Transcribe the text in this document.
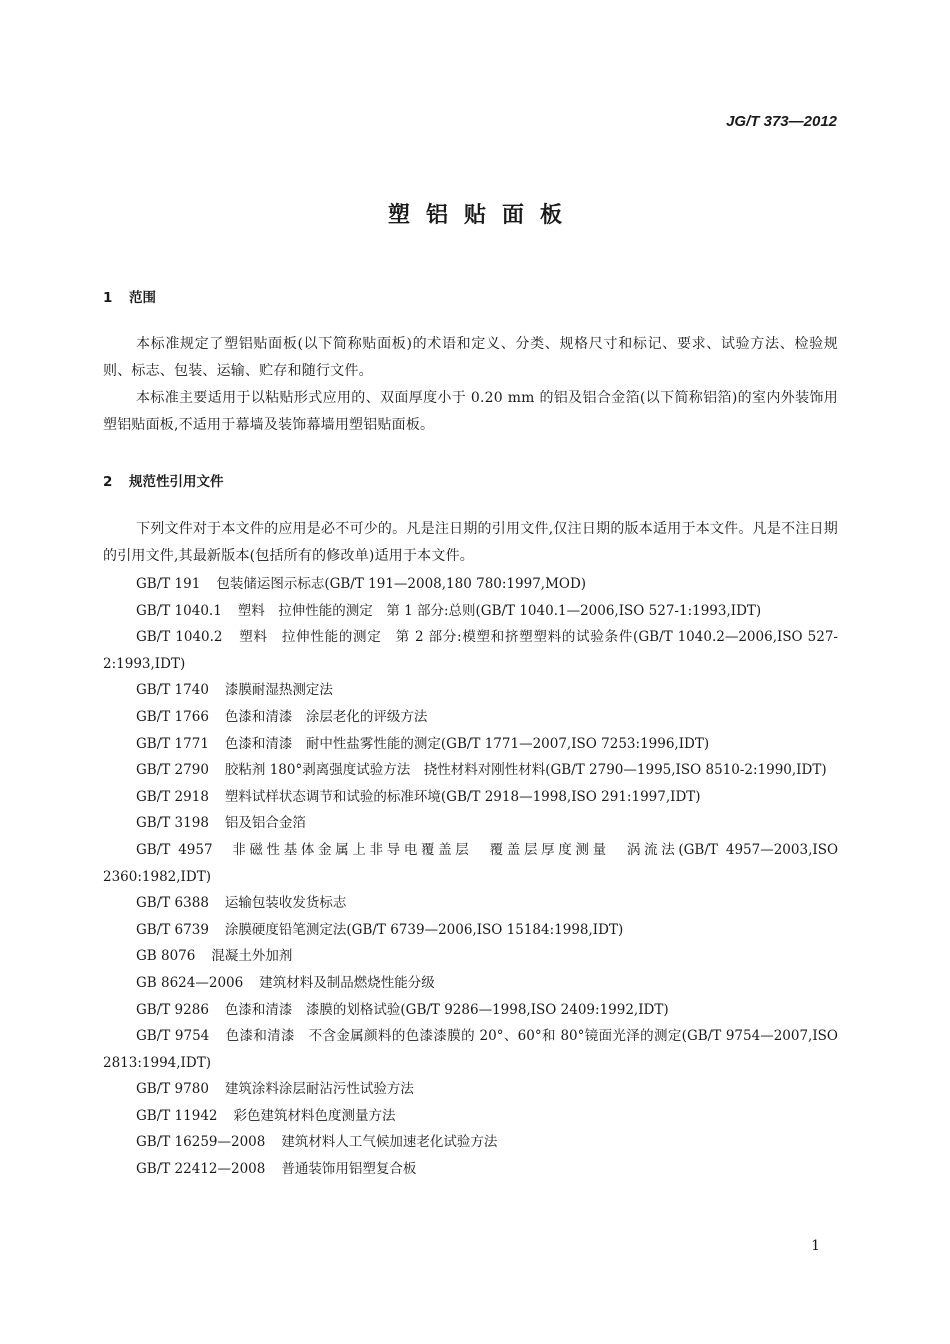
JG/T 373—2012
塑铝贴面板
1 范围
本标准规定了塑铝贴面板(以下简称贴面板)的术语和定义、分类、规格尺寸和标记、要求、试验方法、检验规则、标志、包装、运输、贮存和随行文件。
本标准主要适用于以粘贴形式应用的、双面厚度小于 0.20 mm 的铝及铝合金箔(以下简称铝箔)的室内外装饰用塑铝贴面板,不适用于幕墙及装饰幕墙用塑铝贴面板。
2 规范性引用文件
下列文件对于本文件的应用是必不可少的。凡是注日期的引用文件,仅注日期的版本适用于本文件。凡是不注日期的引用文件,其最新版本(包括所有的修改单)适用于本文件。
GB/T 191 包装储运图示标志(GB/T 191—2008,180 780:1997,MOD)
GB/T 1040.1 塑料　拉伸性能的测定　第 1 部分:总则(GB/T 1040.1—2006,ISO 527-1:1993,IDT)
GB/T 1040.2 塑料　拉伸性能的测定　第 2 部分:模塑和挤塑塑料的试验条件(GB/T 1040.2—2006,ISO 527-2:1993,IDT)
GB/T 1740 漆膜耐湿热测定法
GB/T 1766 色漆和清漆　涂层老化的评级方法
GB/T 1771 色漆和清漆　耐中性盐雾性能的测定(GB/T 1771—2007,ISO 7253:1996,IDT)
GB/T 2790 胶粘剂 180°剥离强度试验方法　挠性材料对刚性材料(GB/T 2790—1995,ISO 8510-2:1990,IDT)
GB/T 2918 塑料试样状态调节和试验的标准环境(GB/T 2918—1998,ISO 291:1997,IDT)
GB/T 3198 铝及铝合金箔
GB/T 4957 非磁性基体金属上非导电覆盖层　覆盖层厚度测量　涡流法(GB/T 4957—2003,ISO 2360:1982,IDT)
GB/T 6388 运输包装收发货标志
GB/T 6739 涂膜硬度铅笔测定法(GB/T 6739—2006,ISO 15184:1998,IDT)
GB 8076 混凝土外加剂
GB 8624—2006 建筑材料及制品燃烧性能分级
GB/T 9286 色漆和清漆　漆膜的划格试验(GB/T 9286—1998,ISO 2409:1992,IDT)
GB/T 9754 色漆和清漆　不含金属颜料的色漆漆膜的 20°、60°和 80°镜面光泽的测定(GB/T 9754—2007,ISO 2813:1994,IDT)
GB/T 9780 建筑涂料涂层耐沾污性试验方法
GB/T 11942 彩色建筑材料色度测量方法
GB/T 16259—2008 建筑材料人工气候加速老化试验方法
GB/T 22412—2008 普通装饰用铝塑复合板
1
